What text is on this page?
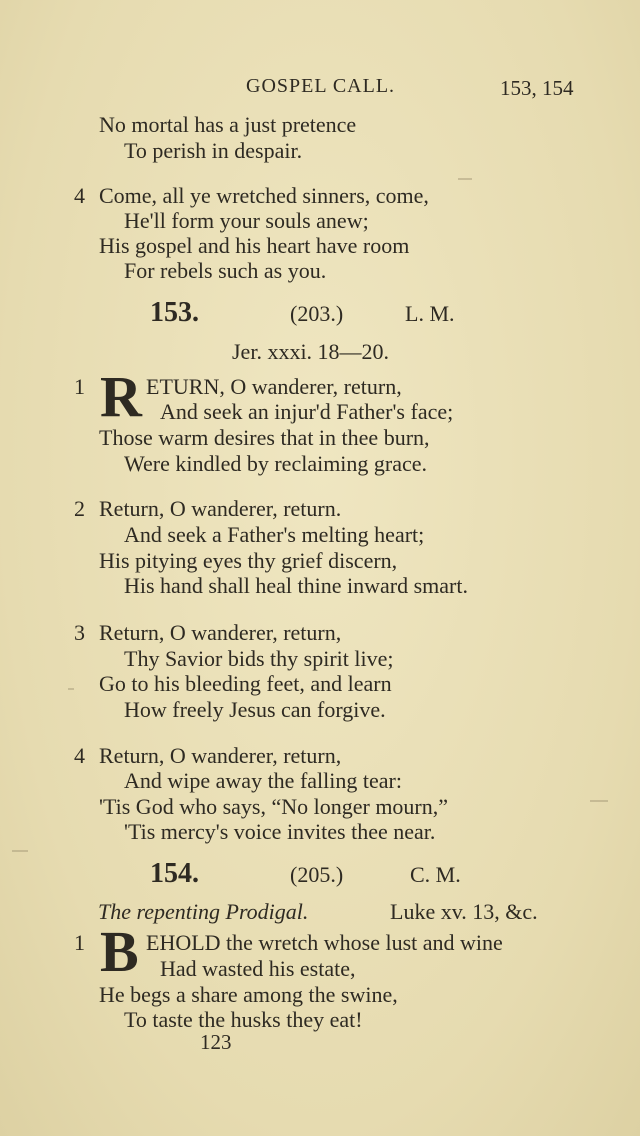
GOSPEL CALL.	153, 154
No mortal has a just pretence
To perish in despair.
4 Come, all ye wretched sinners, come,
He'll form your souls anew;
His gospel and his heart have room
For rebels such as you.
153.	(203.)	L. M.
Jer. xxxi. 18—20.
1 R ETURN, O wanderer, return,
And seek an injur'd Father's face;
Those warm desires that in thee burn,
Were kindled by reclaiming grace.
2 Return, O wanderer, return.
And seek a Father's melting heart;
His pitying eyes thy grief discern,
His hand shall heal thine inward smart.
3 Return, O wanderer, return,
Thy Savior bids thy spirit live;
Go to his bleeding feet, and learn
How freely Jesus can forgive.
4 Return, O wanderer, return,
And wipe away the falling tear:
'Tis God who says, “No longer mourn,”
'Tis mercy's voice invites thee near.
154.	(205.)	C. M.
The repenting Prodigal.	Luke xv. 13, &c.
1 B EHOLD the wretch whose lust and wine
Had wasted his estate,
He begs a share among the swine,
To taste the husks they eat!
123
